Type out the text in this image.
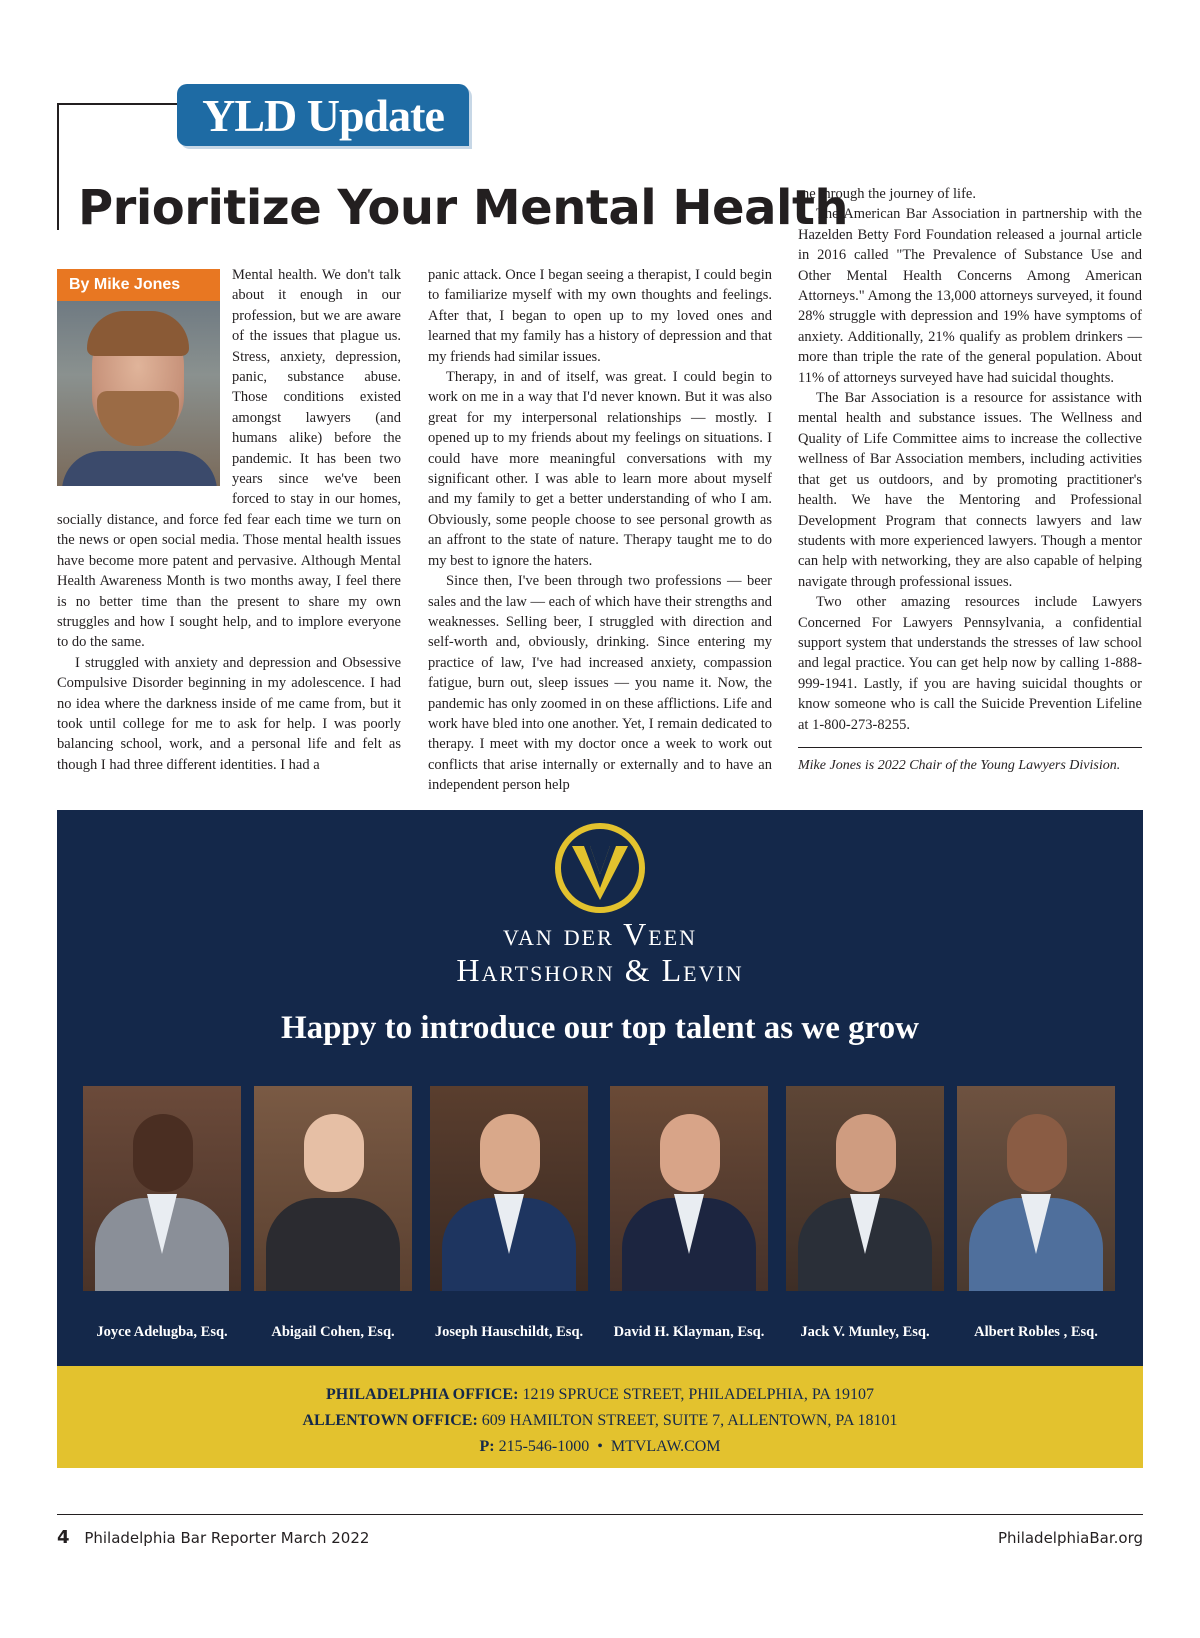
YLD Update
Prioritize Your Mental Health

By Mike Jones
Mental health. We don't talk about it enough in our profession, but we are aware of the issues that plague us. Stress, anxiety, depression, panic, substance abuse. Those conditions existed amongst lawyers (and humans alike) before the pandemic. It has been two years since we've been forced to stay in our homes, socially distance, and force fed fear each time we turn on the news or open social media. Those mental health issues have become more patent and pervasive. Although Mental Health Awareness Month is two months away, I feel there is no better time than the present to share my own struggles and how I sought help, and to implore everyone to do the same.

I struggled with anxiety and depression and Obsessive Compulsive Disorder beginning in my adolescence. I had no idea where the darkness inside of me came from, but it took until college for me to ask for help. I was poorly balancing school, work, and a personal life and felt as though I had three different identities. I had a

panic attack. Once I began seeing a therapist, I could begin to familiarize myself with my own thoughts and feelings. After that, I began to open up to my loved ones and learned that my family has a history of depression and that my friends had similar issues.

Therapy, in and of itself, was great. I could begin to work on me in a way that I'd never known. But it was also great for my interpersonal relationships — mostly. I opened up to my friends about my feelings on situations. I could have more meaningful conversations with my significant other. I was able to learn more about myself and my family to get a better understanding of who I am. Obviously, some people choose to see personal growth as an affront to the state of nature. Therapy taught me to do my best to ignore the haters.

Since then, I've been through two professions — beer sales and the law — each of which have their strengths and weaknesses. Selling beer, I struggled with direction and self-worth and, obviously, drinking. Since entering my practice of law, I've had increased anxiety, compassion fatigue, burn out, sleep issues — you name it. Now, the pandemic has only zoomed in on these afflictions. Life and work have bled into one another. Yet, I remain dedicated to therapy. I meet with my doctor once a week to work out conflicts that arise internally or externally and to have an independent person help

me through the journey of life.

The American Bar Association in partnership with the Hazelden Betty Ford Foundation released a journal article in 2016 called "The Prevalence of Substance Use and Other Mental Health Concerns Among American Attorneys." Among the 13,000 attorneys surveyed, it found 28% struggle with depression and 19% have symptoms of anxiety. Additionally, 21% qualify as problem drinkers — more than triple the rate of the general population. About 11% of attorneys surveyed have had suicidal thoughts.

The Bar Association is a resource for assistance with mental health and substance issues. The Wellness and Quality of Life Committee aims to increase the collective wellness of Bar Association members, including activities that get us outdoors, and by promoting practitioner's health. We have the Mentoring and Professional Development Program that connects lawyers and law students with more experienced lawyers. Though a mentor can help with networking, they are also capable of helping navigate through professional issues.

Two other amazing resources include Lawyers Concerned For Lawyers Pennsylvania, a confidential support system that understands the stresses of law school and legal practice. You can get help now by calling 1-888-999-1941. Lastly, if you are having suicidal thoughts or know someone who is call the Suicide Prevention Lifeline at 1-800-273-8255.

Mike Jones is 2022 Chair of the Young Lawyers Division.

van der Veen
Hartshorn & Levin
Happy to introduce our top talent as we grow
Joyce Adelugba, Esq.	Abigail Cohen, Esq.	Joseph Hauschildt, Esq.	David H. Klayman, Esq.	Jack V. Munley, Esq.	Albert Robles , Esq.
PHILADELPHIA OFFICE: 1219 SPRUCE STREET, PHILADELPHIA, PA 19107
ALLENTOWN OFFICE: 609 HAMILTON STREET, SUITE 7, ALLENTOWN, PA 18101
P: 215-546-1000 • MTVLAW.COM
4 Philadelphia Bar Reporter March 2022	PhiladelphiaBar.org
